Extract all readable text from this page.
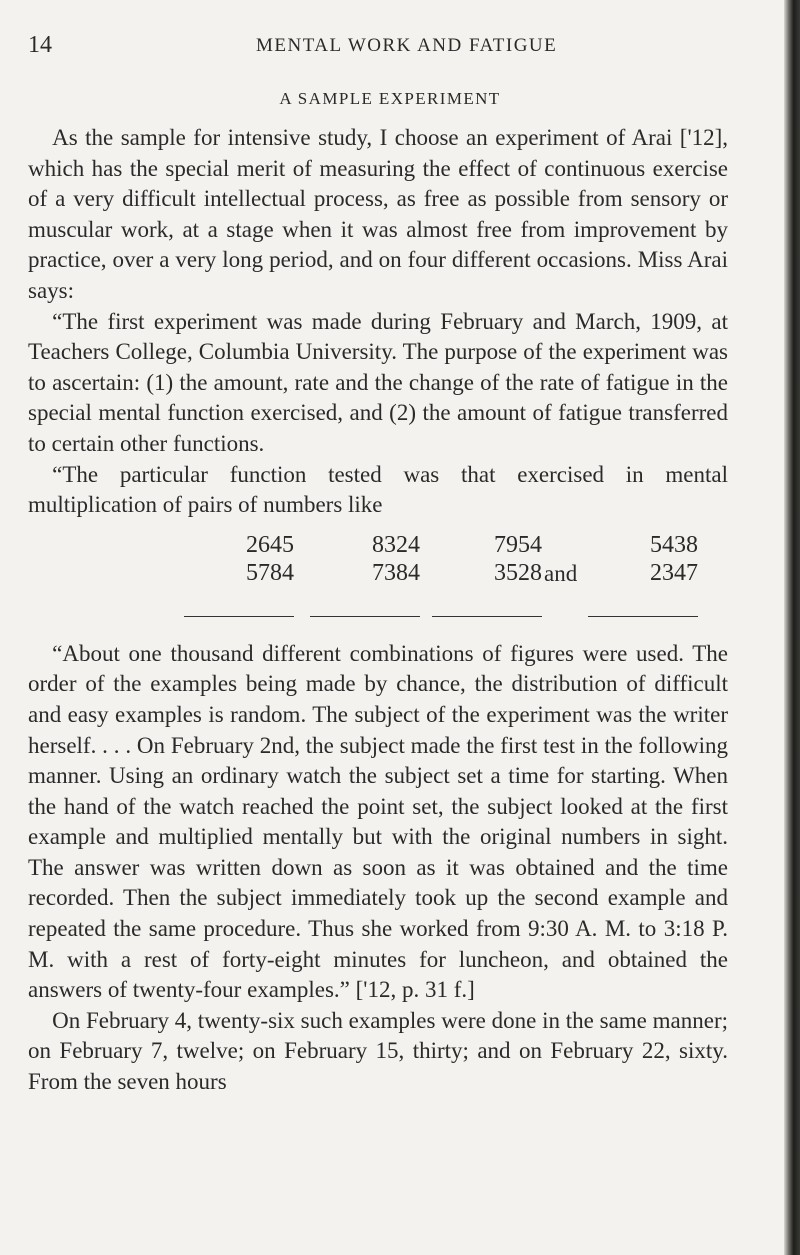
14	MENTAL WORK AND FATIGUE
A SAMPLE EXPERIMENT

As the sample for intensive study, I choose an experiment of Arai ['12], which has the special merit of measuring the effect of continuous exercise of a very difficult intellectual process, as free as possible from sensory or muscular work, at a stage when it was almost free from improvement by practice, over a very long period, and on four different occasions. Miss Arai says:

“The first experiment was made during February and March, 1909, at Teachers College, Columbia University. The purpose of the experiment was to ascertain: (1) the amount, rate and the change of the rate of fatigue in the special mental function exercised, and (2) the amount of fatigue transferred to certain other functions.

“The particular function tested was that exercised in mental multiplication of pairs of numbers like

2645
5784
8324
7384
7954
3528 and
5438
2347

“About one thousand different combinations of figures were used. The order of the examples being made by chance, the distribution of difficult and easy examples is random. The subject of the experiment was the writer herself. . . . On February 2nd, the subject made the first test in the following manner. Using an ordinary watch the subject set a time for starting. When the hand of the watch reached the point set, the subject looked at the first example and multiplied mentally but with the original numbers in sight. The answer was written down as soon as it was obtained and the time recorded. Then the subject immediately took up the second example and repeated the same procedure. Thus she worked from 9:30 A. M. to 3:18 P. M. with a rest of forty-eight minutes for luncheon, and obtained the answers of twenty-four examples.” ['12, p. 31 f.]

On February 4, twenty-six such examples were done in the same manner; on February 7, twelve; on February 15, thirty; and on February 22, sixty. From the seven hours
